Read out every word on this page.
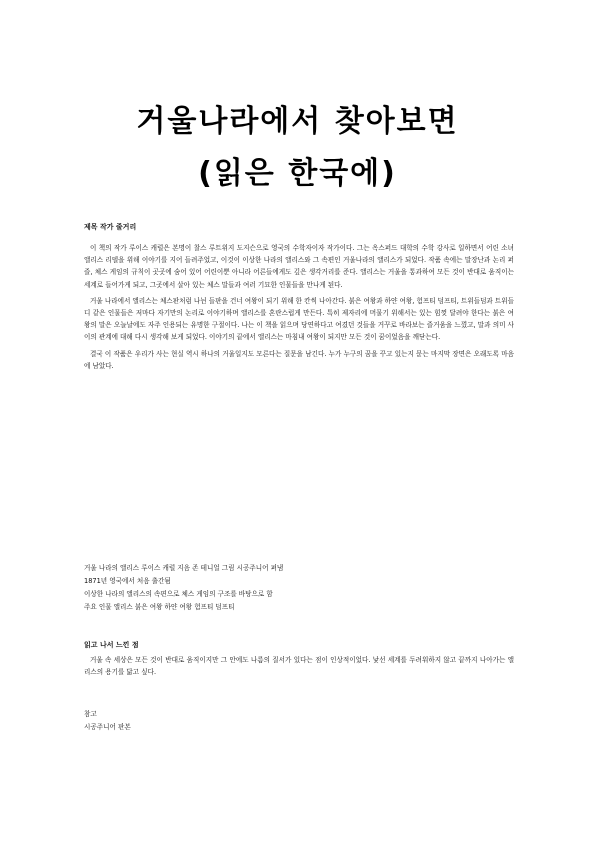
거울나라에서 찾아보면
(읽은 한국에)
제목 작가 줄거리

이 책의 작가 루이스 캐럴은 본명이 찰스 루트위지 도지슨으로 영국의 수학자이자 작가이다. 그는 옥스퍼드 대학의 수학 강사로 일하면서 어린 소녀 앨리스 리델을 위해 이야기를 지어 들려주었고, 이것이 이상한 나라의 앨리스와 그 속편인 거울나라의 앨리스가 되었다. 작품 속에는 말장난과 논리 퍼즐, 체스 게임의 규칙이 곳곳에 숨어 있어 어린이뿐 아니라 어른들에게도 깊은 생각거리를 준다. 앨리스는 거울을 통과하여 모든 것이 반대로 움직이는 세계로 들어가게 되고, 그곳에서 살아 있는 체스 말들과 여러 기묘한 인물들을 만나게 된다.

거울 나라에서 앨리스는 체스판처럼 나뉜 들판을 건너 여왕이 되기 위해 한 칸씩 나아간다. 붉은 여왕과 하얀 여왕, 험프티 덤프티, 트위들덤과 트위들디 같은 인물들은 저마다 자기만의 논리로 이야기하며 앨리스를 혼란스럽게 만든다. 특히 제자리에 머물기 위해서는 있는 힘껏 달려야 한다는 붉은 여왕의 말은 오늘날에도 자주 인용되는 유명한 구절이다. 나는 이 책을 읽으며 당연하다고 여겼던 것들을 거꾸로 바라보는 즐거움을 느꼈고, 말과 의미 사이의 관계에 대해 다시 생각해 보게 되었다. 이야기의 끝에서 앨리스는 마침내 여왕이 되지만 모든 것이 꿈이었음을 깨닫는다.

결국 이 작품은 우리가 사는 현실 역시 하나의 거울일지도 모른다는 질문을 남긴다. 누가 누구의 꿈을 꾸고 있는지 묻는 마지막 장면은 오래도록 마음에 남았다.

거울 나라의 앨리스 루이스 캐럴 지음 존 테니얼 그림 시공주니어 펴냄

1871년 영국에서 처음 출간됨

이상한 나라의 앨리스의 속편으로 체스 게임의 구조를 바탕으로 함

주요 인물 앨리스 붉은 여왕 하얀 여왕 험프티 덤프티

읽고 나서 느낀 점

거울 속 세상은 모든 것이 반대로 움직이지만 그 안에도 나름의 질서가 있다는 점이 인상적이었다. 낯선 세계를 두려워하지 않고 끝까지 나아가는 앨리스의 용기를 닮고 싶다.

참고

시공주니어 판본
